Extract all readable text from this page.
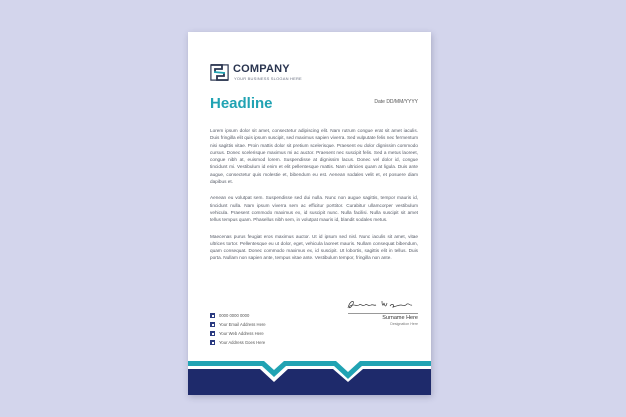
COMPANY
YOUR BUSINESS SLOGAN HERE
Headline	Date DD/MM/YYYY

Lorem ipsum dolor sit amet, consectetur adipiscing elit. Nam rutrum congue erat sit amet iaculis. Duis fringilla elit quis ipsum suscipit, sed maximus sapien viverra. Sed vulputate felis nec fermentum nisi sagittis vitae. Proin mattis dolor sit pretium scelerisque. Praesent eu dolor dignissim commodo cursus. Donec scelerisque maximus mi ac auctor. Praesent nec suscipit felis. Sed a metus laoreet, congue nibh at, euismod lorem. Suspendisse at dignissim lacus. Donec vel dolor id, congue tincidunt mi. Vestibulum id enim et elit pellentesque mattis. Nam ultricies quam at ligula. Duis ante augue, consectetur quis molestie et, bibendum eu est. Aenean sodales velit et, et posuere diam dapibus et.

Aenean eu volutpat sem. Suspendisse sed dui nulla. Nunc non augue sagittis, tempor mauris id, tincidunt nulla. Nam ipsum viverra sem ac efficitur porttitor. Curabitur ullamcorper vestibulum vehicula. Praesent commodo maximus ex, id suscipit nunc. Nulla facilisi. Nulla suscipit sit amet tellus tempus quam. Phasellus nibh sem, in volutpat mauris id, blandit sodales metus.

Maecenas purus feugiat eros maximus auctor. Ut id ipsum sed nisl. Nunc iaculis sit amet, vitae ultrices tortor. Pellentesque eu ut dolor, eget, vehicula laoreet mauris. Nullam consequat bibendum, quam consequat. Donec commodo maximus ex, id suscipit. Ut lobortis, sagittis elit in tellus. Duis porta. Nullam non sapien ante, tempus vitae ante. Vestibulum tempor, fringilla non ante.

Surname Here
Designation Here
0000 0000 0000
Your Email Address Here
Your Web Address Here
Your Address Goes Here
